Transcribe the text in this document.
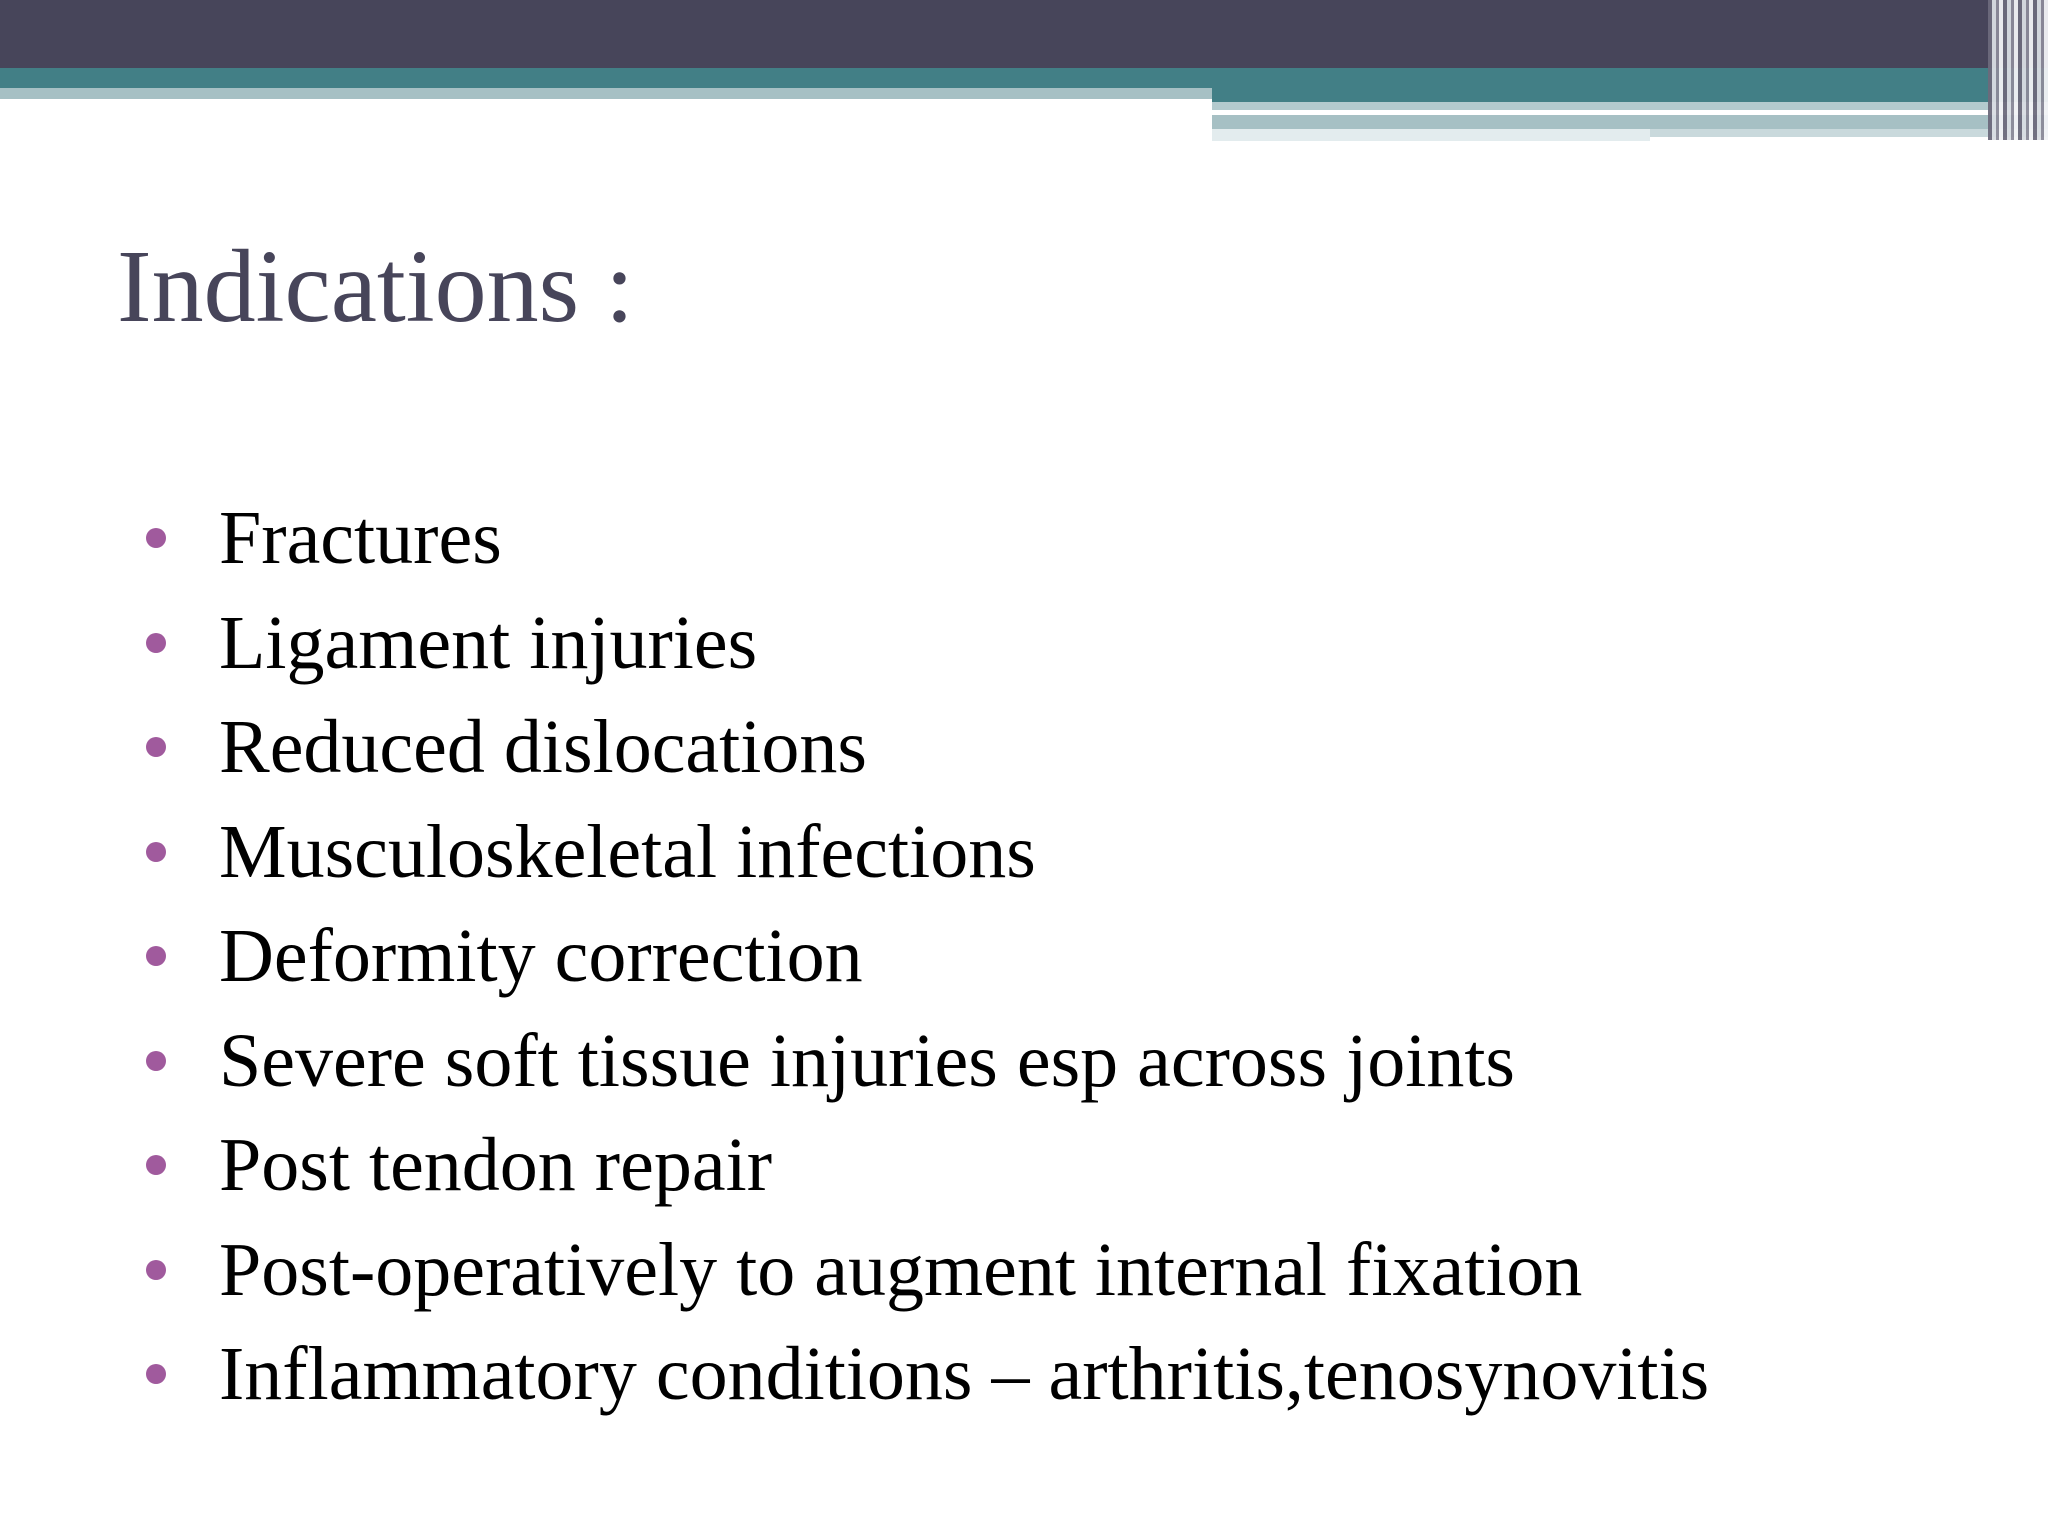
Indications :
Fractures
Ligament injuries
Reduced dislocations
Musculoskeletal infections
Deformity correction
Severe soft tissue injuries esp across joints
Post tendon repair
Post-operatively to augment internal fixation
Inflammatory conditions – arthritis,tenosynovitis
